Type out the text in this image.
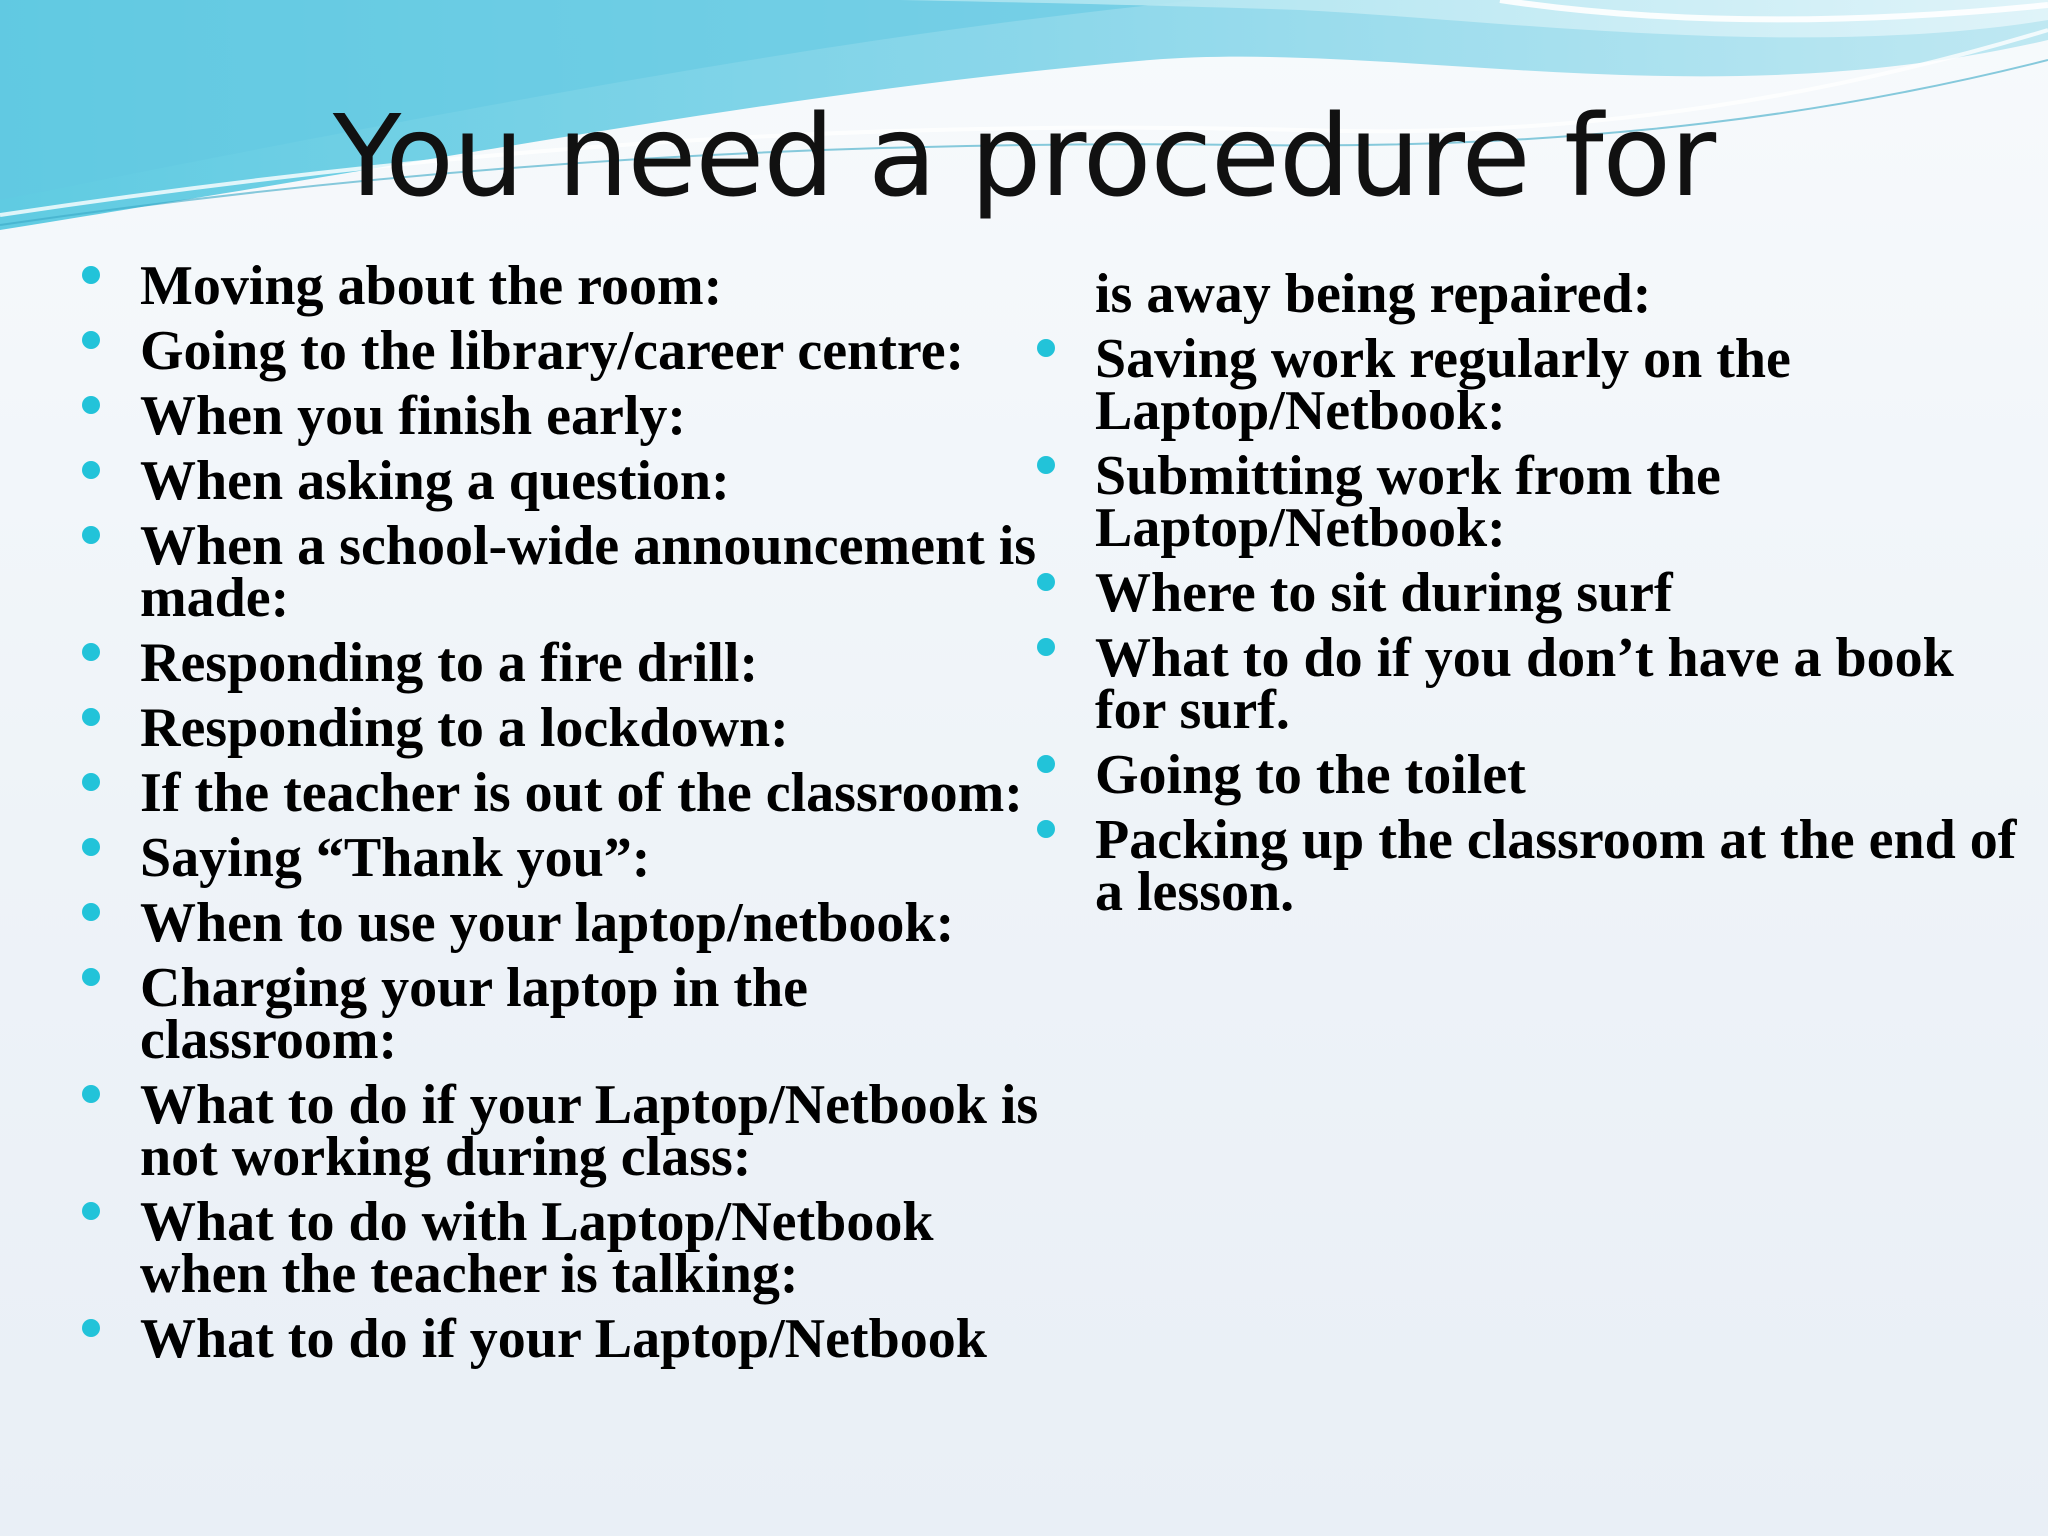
You need a procedure for
Moving about the room:
Going to the library/career centre:
When you finish early:
When asking a question:
When a school-wide announcement is made:
Responding to a fire drill:
Responding to a lockdown:
If the teacher is out of the classroom:
Saying “Thank you”:
When to use your laptop/netbook:
Charging your laptop in the classroom:
What to do if your Laptop/Netbook is not working during class:
What to do with Laptop/Netbook when the teacher is talking:
What to do if your Laptop/Netbook
is away being repaired:
Saving work regularly on the Laptop/Netbook:
Submitting work from the Laptop/Netbook:
Where to sit during surf
What to do if you don’t have a book for surf.
Going to the toilet
Packing up the classroom at the end of a lesson.
